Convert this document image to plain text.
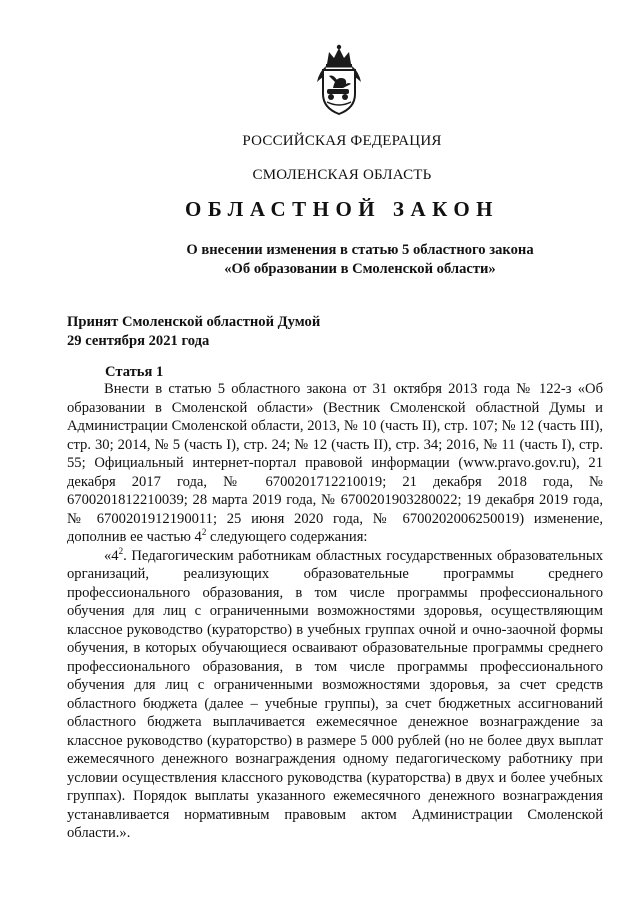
РОССИЙСКАЯ ФЕДЕРАЦИЯ

СМОЛЕНСКАЯ ОБЛАСТЬ

ОБЛАСТНОЙ ЗАКОН

О внесении изменения в статью 5 областного закона
«Об образовании в Смоленской области»
Принят Смоленской областной Думой
29 сентября 2021 года

Статья 1

Внести в статью 5 областного закона от 31 октября 2013 года № 122-з «Об образовании в Смоленской области» (Вестник Смоленской областной Думы и Администрации Смоленской области, 2013, № 10 (часть II), стр. 107; № 12 (часть III), стр. 30; 2014, № 5 (часть I), стр. 24; № 12 (часть II), стр. 34; 2016, № 11 (часть I), стр. 55; Официальный интернет-портал правовой информации (www.pravo.gov.ru), 21 декабря 2017 года, № 6700201712210019; 21 декабря 2018 года, № 6700201812210039; 28 марта 2019 года, № 6700201903280022; 19 декабря 2019 года, № 6700201912190011; 25 июня 2020 года, № 6700202006250019) изменение, дополнив ее частью $4^2$ следующего содержания:

«$4^2$. Педагогическим работникам областных государственных образовательных организаций, реализующих образовательные программы среднего профессионального образования, в том числе программы профессионального обучения для лиц с ограниченными возможностями здоровья, осуществляющим классное руководство (кураторство) в учебных группах очной и очно-заочной формы обучения, в которых обучающиеся осваивают образовательные программы среднего профессионального образования, в том числе программы профессионального обучения для лиц с ограниченными возможностями здоровья, за счет средств областного бюджета (далее – учебные группы), за счет бюджетных ассигнований областного бюджета выплачивается ежемесячное денежное вознаграждение за классное руководство (кураторство) в размере 5 000 рублей (но не более двух выплат ежемесячного денежного вознаграждения одному педагогическому работнику при условии осуществления классного руководства (кураторства) в двух и более учебных группах). Порядок выплаты указанного ежемесячного денежного вознаграждения устанавливается нормативным правовым актом Администрации Смоленской области.».
